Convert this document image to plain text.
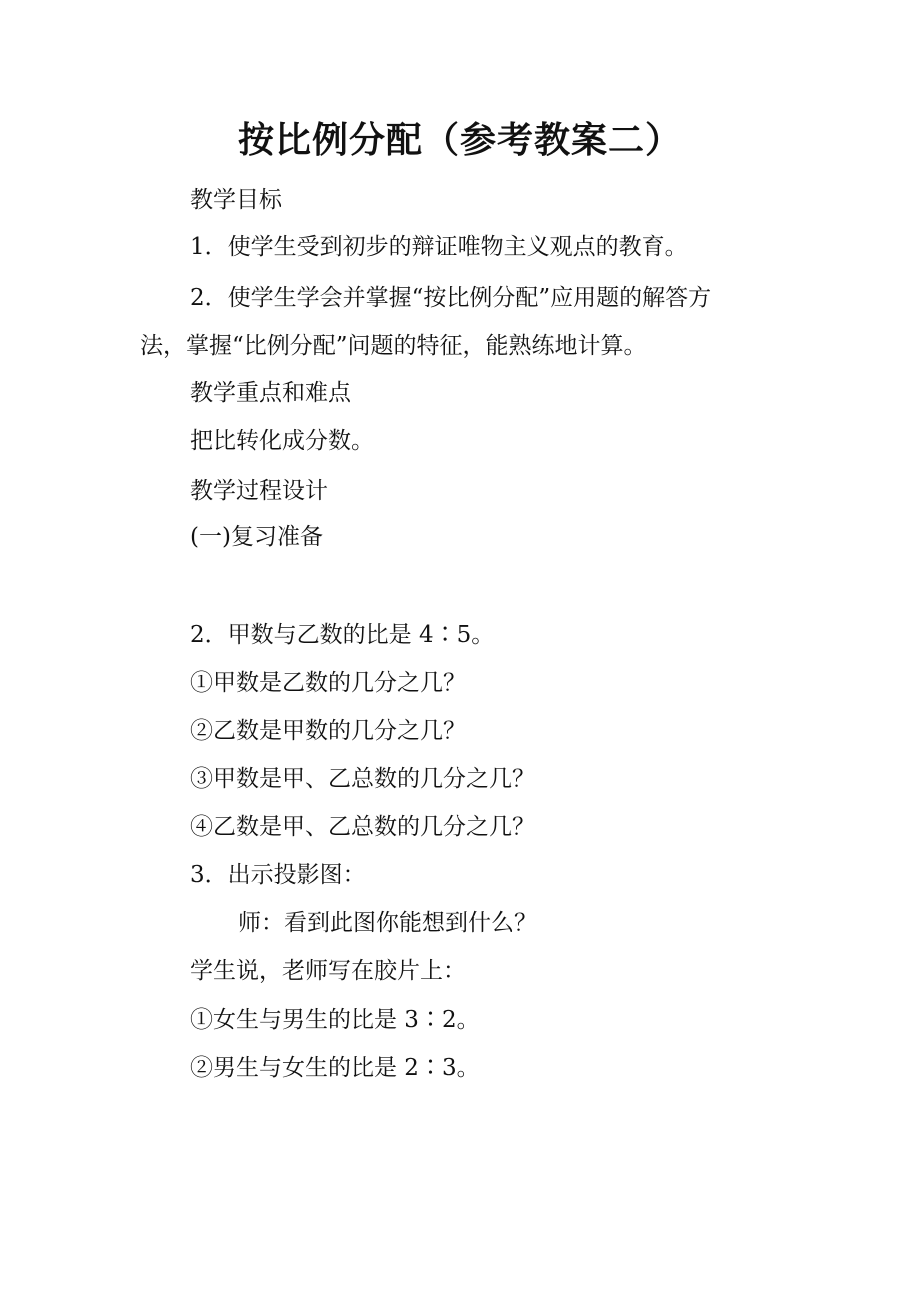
按比例分配（参考教案二）
教学目标
1．使学生受到初步的辩证唯物主义观点的教育。
2．使学生学会并掌握“按比例分配”应用题的解答方
法，掌握“比例分配”问题的特征，能熟练地计算。
教学重点和难点
把比转化成分数。
教学过程设计
(一)复习准备
2．甲数与乙数的比是 4∶5。
①甲数是乙数的几分之几？
②乙数是甲数的几分之几？
③甲数是甲、乙总数的几分之几？
④乙数是甲、乙总数的几分之几？
3．出示投影图：
师：看到此图你能想到什么？
学生说，老师写在胶片上：
①女生与男生的比是 3∶2。
②男生与女生的比是 2∶3。
